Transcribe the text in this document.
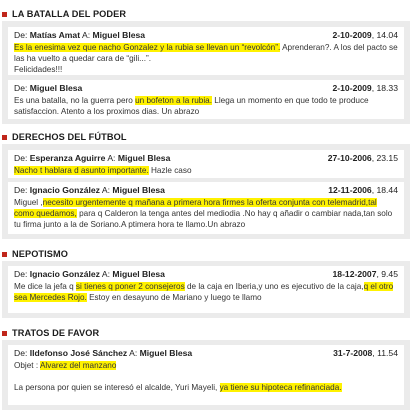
LA BATALLA DEL PODER
De: Matías Amat A: Miguel Blesa	2-10-2009, 14.04
Es la enesima vez que nacho Gonzalez y la rubia se llevan un “revolcón”. Aprenderan?. A los del pacto se las ha vuelto a quedar cara de “gili...”.
Felicidades!!!
De: Miguel Blesa	2-10-2009, 18.33
Es una batalla, no la guerra pero un bofeton a la rubia. Llega un momento en que todo te produce satisfaccion. Atento a los proximos dias. Un abrazo
DERECHOS DEL FÚTBOL
De: Esperanza Aguirre A: Miguel Blesa	27-10-2006, 23.15
Nacho t hablara d asunto importante. Hazle caso
De: Ignacio González A: Miguel Blesa	12-11-2006, 18.44
Miguel ,necesito urgentemente q mañana a primera hora firmes la oferta conjunta con telemadrid,tal como quedamos, para q Calderon la tenga antes del mediodia .No hay q añadir o cambiar nada,tan solo tu firma junto a la de Soriano.A ptimera hora te llamo.Un abrazo
NEPOTISMO
De: Ignacio González A: Miguel Blesa	18-12-2007, 9.45
Me dice la jefa q si tienes q poner 2 consejeros de la caja en Iberia,y uno es ejecutivo de la caja,q el otro sea Mercedes Rojo. Estoy en desayuno de Mariano y luego te llamo
TRATOS DE FAVOR
De: Ildefonso José Sánchez A: Miguel Blesa	31-7-2008, 11.54
Objet : Alvarez del manzano

La persona por quien se interesó el alcalde, Yuri Mayeli, ya tiene su hipoteca refinanciada.
